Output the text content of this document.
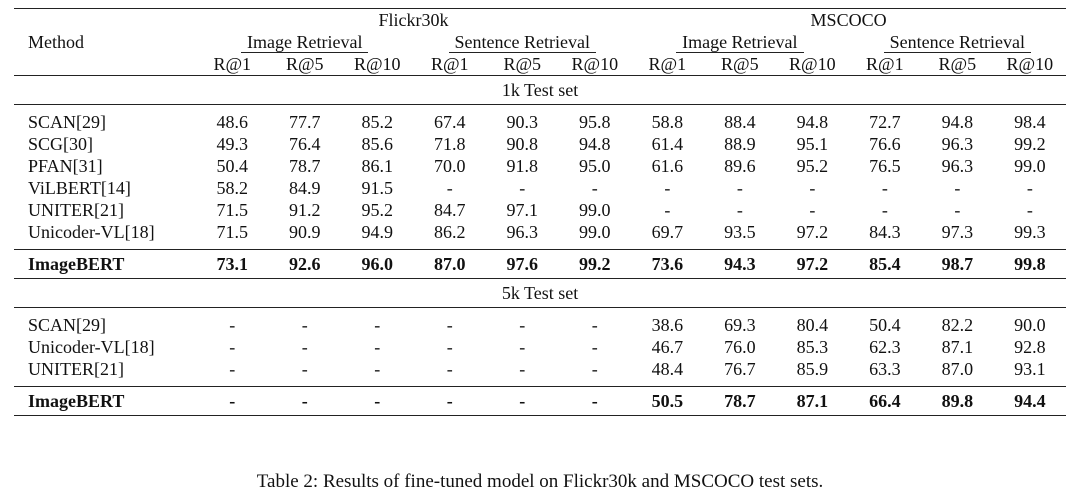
	Flickr30k						MSCOCO					
Method	Image Retrieval			Sentence Retrieval			Image Retrieval			Sentence Retrieval		
	R@1	R@5	R@10	R@1	R@5	R@10	R@1	R@5	R@10	R@1	R@5	R@10
1k Test set												

SCAN[29]	48.6	77.7	85.2	67.4	90.3	95.8	58.8	88.4	94.8	72.7	94.8	98.4
SCG[30]	49.3	76.4	85.6	71.8	90.8	94.8	61.4	88.9	95.1	76.6	96.3	99.2
PFAN[31]	50.4	78.7	86.1	70.0	91.8	95.0	61.6	89.6	95.2	76.5	96.3	99.0
ViLBERT[14]	58.2	84.9	91.5	-	-	-	-	-	-	-	-	-
UNITER[21]	71.5	91.2	95.2	84.7	97.1	99.0	-	-	-	-	-	-
Unicoder-VL[18]	71.5	90.9	94.9	86.2	96.3	99.0	69.7	93.5	97.2	84.3	97.3	99.3

ImageBERT	73.1	92.6	96.0	87.0	97.6	99.2	73.6	94.3	97.2	85.4	98.7	99.8
5k Test set												

SCAN[29]	-	-	-	-	-	-	38.6	69.3	80.4	50.4	82.2	90.0
Unicoder-VL[18]	-	-	-	-	-	-	46.7	76.0	85.3	62.3	87.1	92.8
UNITER[21]	-	-	-	-	-	-	48.4	76.7	85.9	63.3	87.0	93.1

ImageBERT	-	-	-	-	-	-	50.5	78.7	87.1	66.4	89.8	94.4
Table 2: Results of fine-tuned model on Flickr30k and MSCOCO test sets.
